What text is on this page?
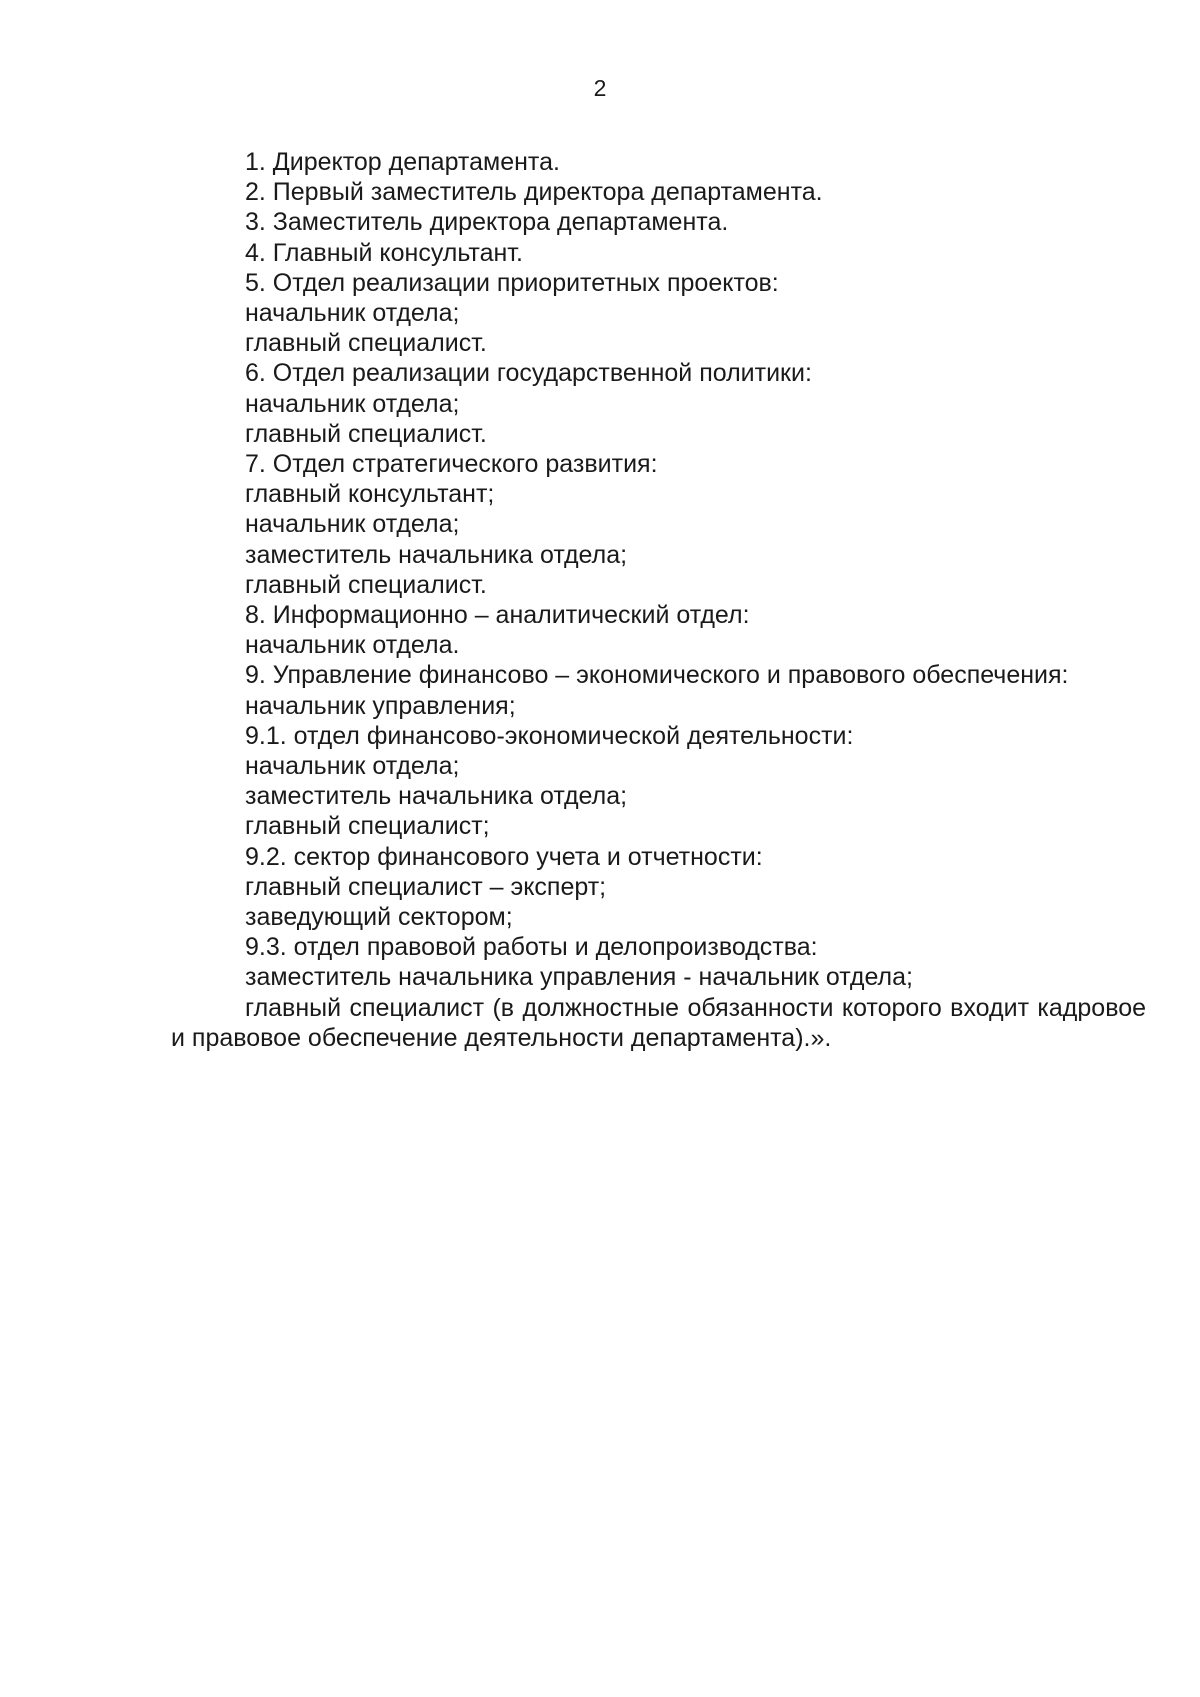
2
1. Директор департамента.
2. Первый заместитель директора департамента.
3. Заместитель директора департамента.
4. Главный консультант.
5. Отдел реализации приоритетных проектов:
начальник отдела;
главный специалист.
6. Отдел реализации государственной политики:
начальник отдела;
главный специалист.
7. Отдел стратегического развития:
главный консультант;
начальник отдела;
заместитель начальника отдела;
главный специалист.
8. Информационно – аналитический отдел:
начальник отдела.
9. Управление финансово – экономического и правового обеспечения:
начальник управления;
9.1. отдел финансово-экономической деятельности:
начальник отдела;
заместитель начальника отдела;
главный специалист;
9.2. сектор финансового учета и отчетности:
главный специалист – эксперт;
заведующий сектором;
9.3. отдел правовой работы и делопроизводства:
заместитель начальника управления - начальник отдела;
главный специалист (в должностные обязанности которого входит кадровое и правовое обеспечение деятельности департамента).».
